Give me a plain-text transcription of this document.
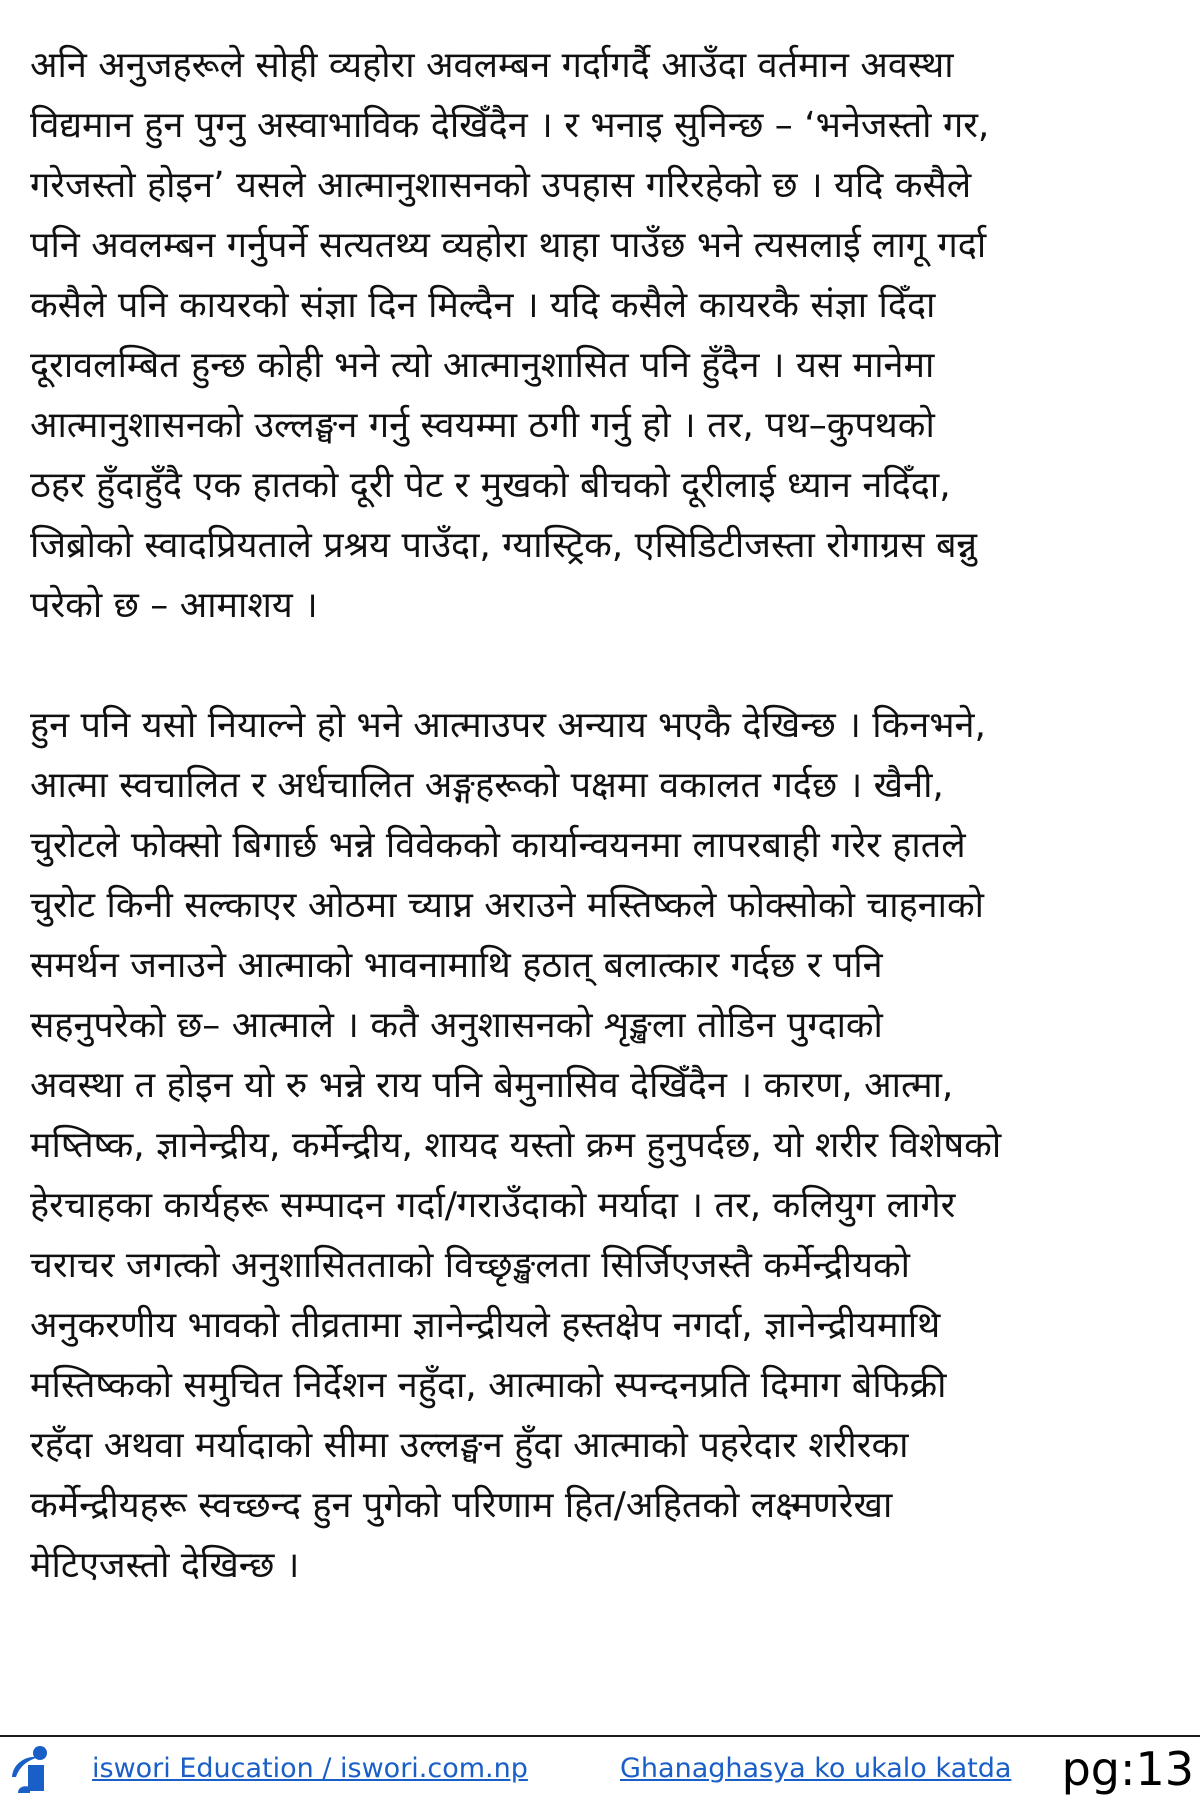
अनि अनुजहरूले सोही व्यहोरा अवलम्बन गर्दागर्दै आउँदा वर्तमान अवस्था
विद्यमान हुन पुग्नु अस्वाभाविक देखिँदैन । र भनाइ सुनिन्छ – ‘भनेजस्तो गर,
गरेजस्तो होइन’ यसले आत्मानुशासनको उपहास गरिरहेको छ । यदि कसैले
पनि अवलम्बन गर्नुपर्ने सत्यतथ्य व्यहोरा थाहा पाउँछ भने त्यसलाई लागू गर्दा
कसैले पनि कायरको संज्ञा दिन मिल्दैन । यदि कसैले कायरकै संज्ञा दिँदा
दूरावलम्बित हुन्छ कोही भने त्यो आत्मानुशासित पनि हुँदैन । यस मानेमा
आत्मानुशासनको उल्लङ्घन गर्नु स्वयम्मा ठगी गर्नु हो । तर, पथ–कुपथको
ठहर हुँदाहुँदै एक हातको दूरी पेट र मुखको बीचको दूरीलाई ध्यान नदिँदा,
जिब्रोको स्वादप्रियताले प्रश्रय पाउँदा, ग्यास्ट्रिक, एसिडिटीजस्ता रोगाग्रस बन्नु
परेको छ – आमाशय ।

हुन पनि यसो नियाल्ने हो भने आत्माउपर अन्याय भएकै देखिन्छ । किनभने,
आत्मा स्वचालित र अर्धचालित अङ्गहरूको पक्षमा वकालत गर्दछ । खैनी,
चुरोटले फोक्सो बिगार्छ भन्ने विवेकको कार्यान्वयनमा लापरबाही गरेर हातले
चुरोट किनी सल्काएर ओठमा च्याप्न अराउने मस्तिष्कले फोक्सोको चाहनाको
समर्थन जनाउने आत्माको भावनामाथि हठात् बलात्कार गर्दछ र पनि
सहनुपरेको छ– आत्माले । कतै अनुशासनको शृङ्खला तोडिन पुग्दाको
अवस्था त होइन यो रु भन्ने राय पनि बेमुनासिव देखिँदैन । कारण, आत्मा,
मष्तिष्क, ज्ञानेन्द्रीय, कर्मेन्द्रीय, शायद यस्तो क्रम हुनुपर्दछ, यो शरीर विशेषको
हेरचाहका कार्यहरू सम्पादन गर्दा/गराउँदाको मर्यादा । तर, कलियुग लागेर
चराचर जगत्को अनुशासितताको विच्छृङ्खलता सिर्जिएजस्तै कर्मेन्द्रीयको
अनुकरणीय भावको तीव्रतामा ज्ञानेन्द्रीयले हस्तक्षेप नगर्दा, ज्ञानेन्द्रीयमाथि
मस्तिष्कको समुचित निर्देशन नहुँदा, आत्माको स्पन्दनप्रति दिमाग बेफिक्री
रहँदा अथवा मर्यादाको सीमा उल्लङ्घन हुँदा आत्माको पहरेदार शरीरका
कर्मेन्द्रीयहरू स्वच्छन्द हुन पुगेको परिणाम हित/अहितको लक्ष्मणरेखा
मेटिएजस्तो देखिन्छ ।

iswori Education / iswori.com.np	Ghanaghasya ko ukalo katda pg:13
